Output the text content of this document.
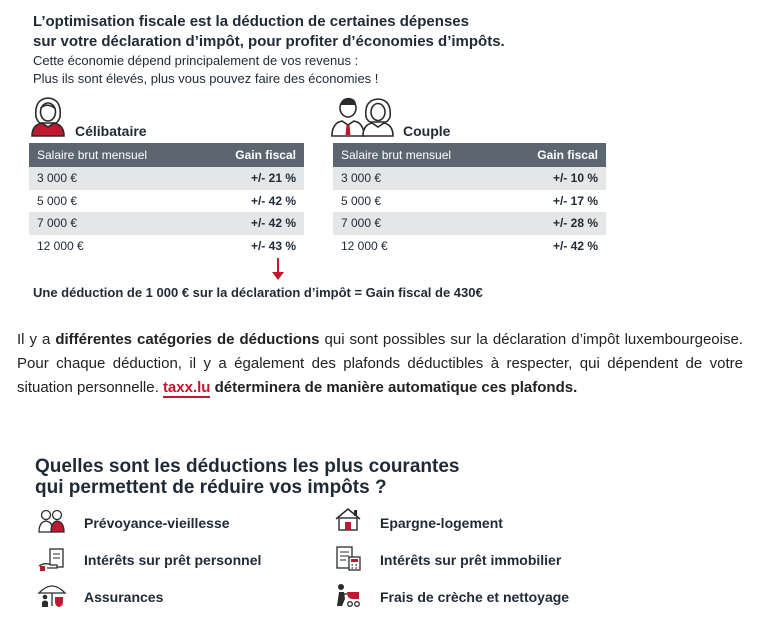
L’optimisation fiscale est la déduction de certaines dépenses
sur votre déclaration d’impôt, pour profiter d’économies d’impôts.
Cette économie dépend principalement de vos revenus :
Plus ils sont élevés, plus vous pouvez faire des économies !
Célibataire	Couple
Salaire brut mensuel	Gain fiscal
3 000 €	+/- 21 %
5 000 €	+/- 42 %
7 000 €	+/- 42 %
12 000 €	+/- 43 %
Salaire brut mensuel	Gain fiscal
3 000 €	+/- 10 %
5 000 €	+/- 17 %
7 000 €	+/- 28 %
12 000 €	+/- 42 %
Une déduction de 1 000 € sur la déclaration d’impôt = Gain fiscal de 430€
Il y a différentes catégories de déductions qui sont possibles sur la déclaration d’impôt luxembourgeoise. Pour chaque déduction, il y a également des plafonds déductibles à respecter, qui dépendent de votre situation personnelle. taxx.lu déterminera de manière automatique ces plafonds.
Quelles sont les déductions les plus courantes
qui permettent de réduire vos impôts ?
Prévoyance-vieillesse	Epargne-logement
Intérêts sur prêt personnel	Intérêts sur prêt immobilier
Assurances	Frais de crèche et nettoyage
